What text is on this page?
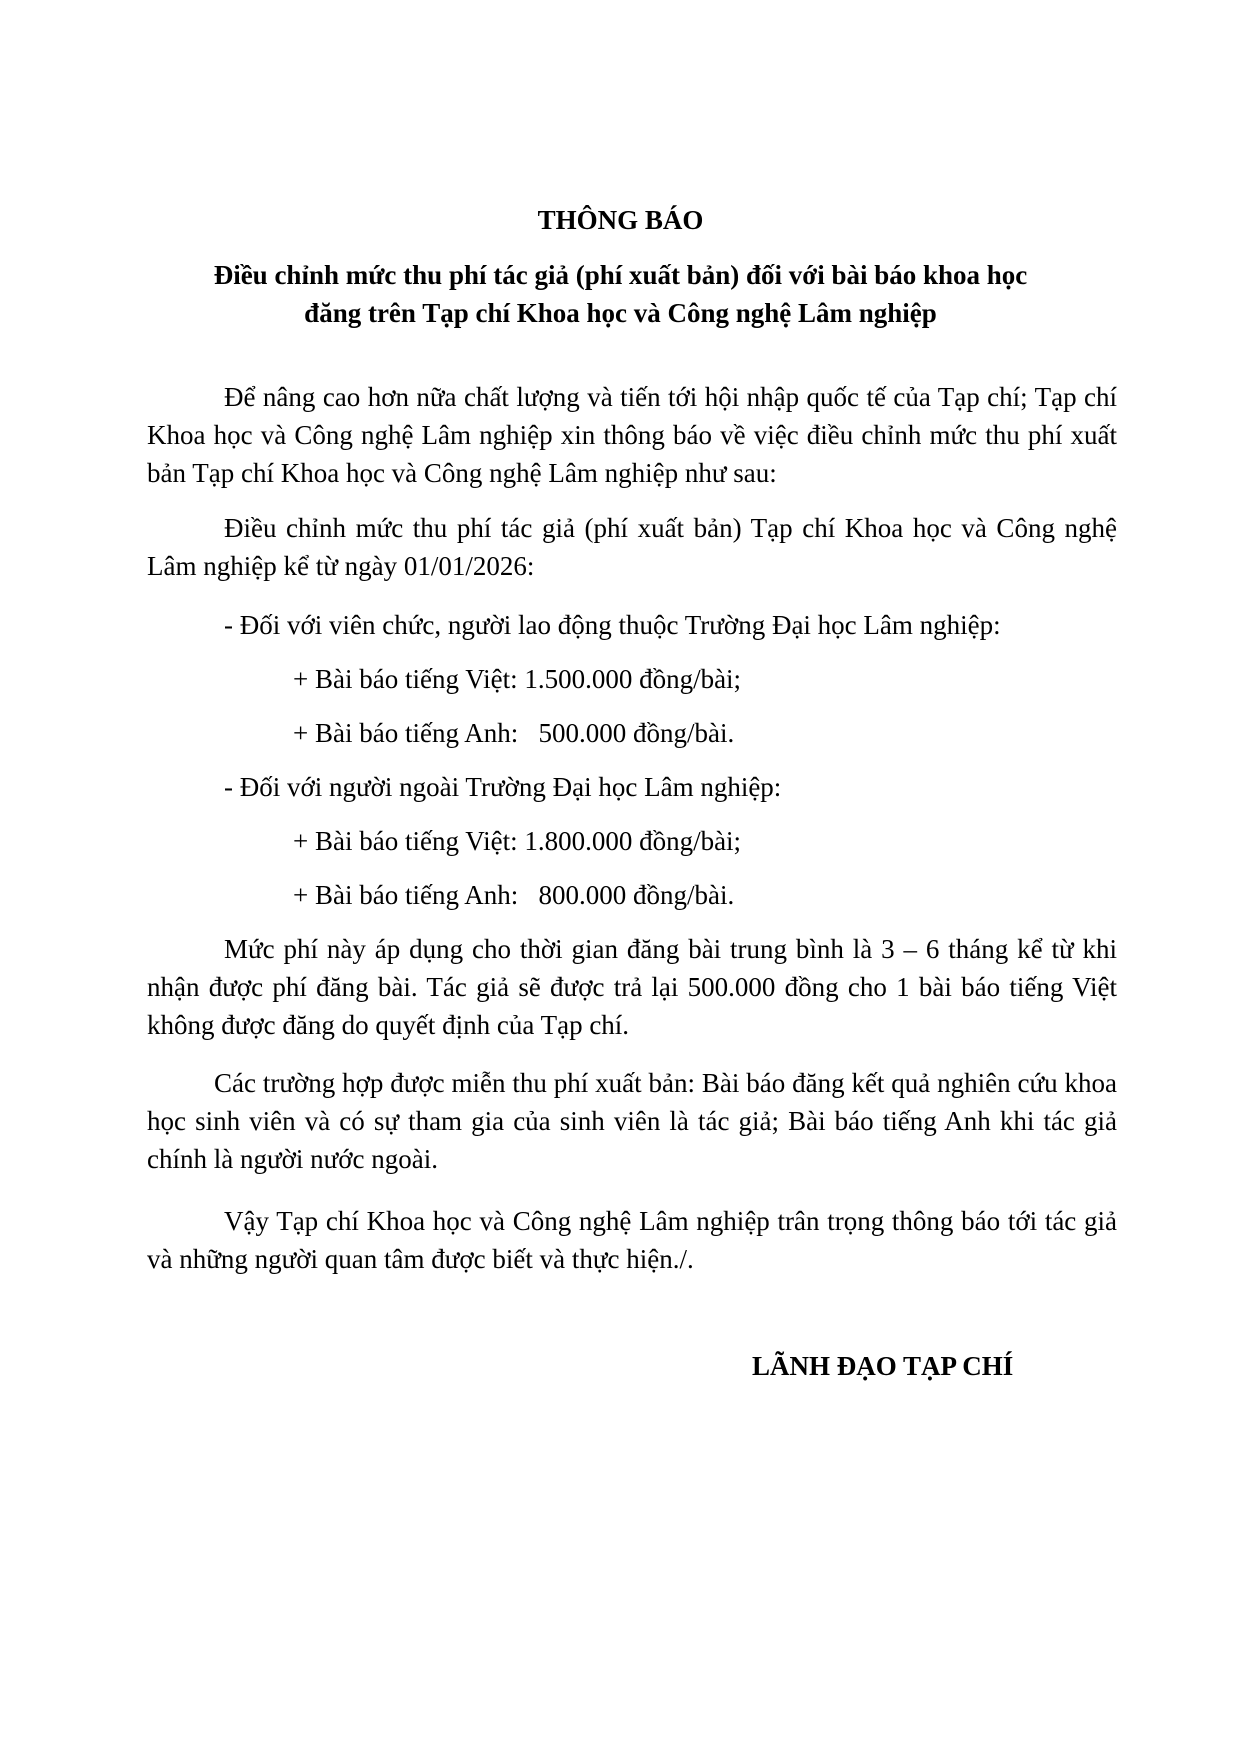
THÔNG BÁO
Điều chỉnh mức thu phí tác giả (phí xuất bản) đối với bài báo khoa học
đăng trên Tạp chí Khoa học và Công nghệ Lâm nghiệp

Để nâng cao hơn nữa chất lượng và tiến tới hội nhập quốc tế của Tạp chí; Tạp chí Khoa học và Công nghệ Lâm nghiệp xin thông báo về việc điều chỉnh mức thu phí xuất bản Tạp chí Khoa học và Công nghệ Lâm nghiệp như sau:

Điều chỉnh mức thu phí tác giả (phí xuất bản) Tạp chí Khoa học và Công nghệ Lâm nghiệp kể từ ngày 01/01/2026:

- Đối với viên chức, người lao động thuộc Trường Đại học Lâm nghiệp:

+ Bài báo tiếng Việt: 1.500.000 đồng/bài;

+ Bài báo tiếng Anh:   500.000 đồng/bài.

- Đối với người ngoài Trường Đại học Lâm nghiệp:

+ Bài báo tiếng Việt: 1.800.000 đồng/bài;

+ Bài báo tiếng Anh:   800.000 đồng/bài.

Mức phí này áp dụng cho thời gian đăng bài trung bình là 3 – 6 tháng kể từ khi nhận được phí đăng bài. Tác giả sẽ được trả lại 500.000 đồng cho 1 bài báo tiếng Việt không được đăng do quyết định của Tạp chí.

Các trường hợp được miễn thu phí xuất bản: Bài báo đăng kết quả nghiên cứu khoa học sinh viên và có sự tham gia của sinh viên là tác giả; Bài báo tiếng Anh khi tác giả chính là người nước ngoài.

Vậy Tạp chí Khoa học và Công nghệ Lâm nghiệp trân trọng thông báo tới tác giả và những người quan tâm được biết và thực hiện./.

LÃNH ĐẠO TẠP CHÍ
